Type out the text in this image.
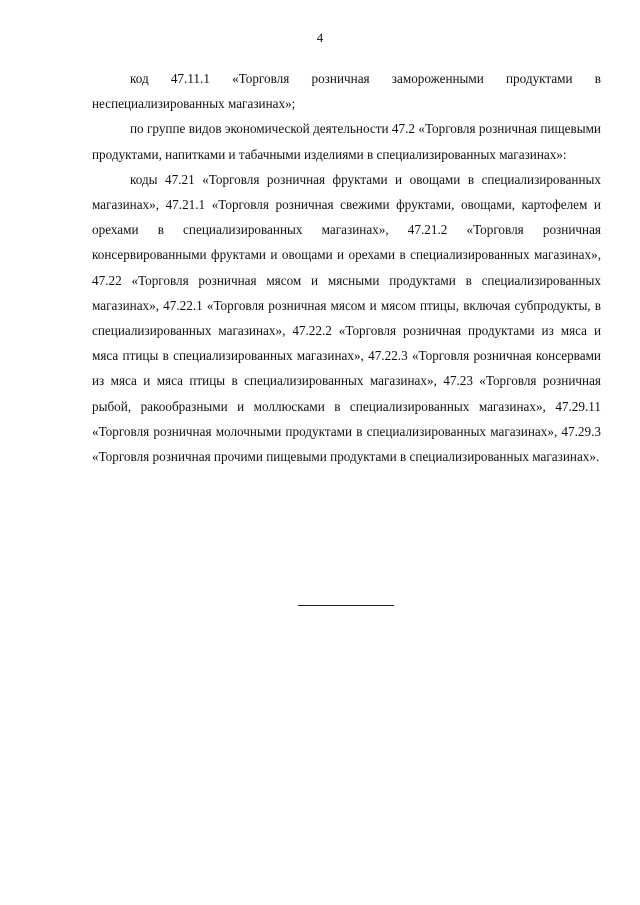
4

код 47.11.1 «Торговля розничная замороженными продуктами в неспециализированных магазинах»;

по группе видов экономической деятельности 47.2 «Торговля розничная пищевыми продуктами, напитками и табачными изделиями в специализированных магазинах»:

коды 47.21 «Торговля розничная фруктами и овощами в специализированных магазинах», 47.21.1 «Торговля розничная свежими фруктами, овощами, картофелем и орехами в специализированных магазинах», 47.21.2 «Торговля розничная консервированными фруктами и овощами и орехами в специализированных магазинах», 47.22 «Торговля розничная мясом и мясными продуктами в специализированных магазинах», 47.22.1 «Торговля розничная мясом и мясом птицы, включая субпродукты, в специализированных магазинах», 47.22.2 «Торговля розничная продуктами из мяса и мяса птицы в специализированных магазинах», 47.22.3 «Торговля розничная консервами из мяса и мяса птицы в специализированных магазинах», 47.23 «Торговля розничная рыбой, ракообразными и моллюсками в специализированных магазинах», 47.29.11 «Торговля розничная молочными продуктами в специализированных магазинах», 47.29.3 «Торговля розничная прочими пищевыми продуктами в специализированных магазинах».
